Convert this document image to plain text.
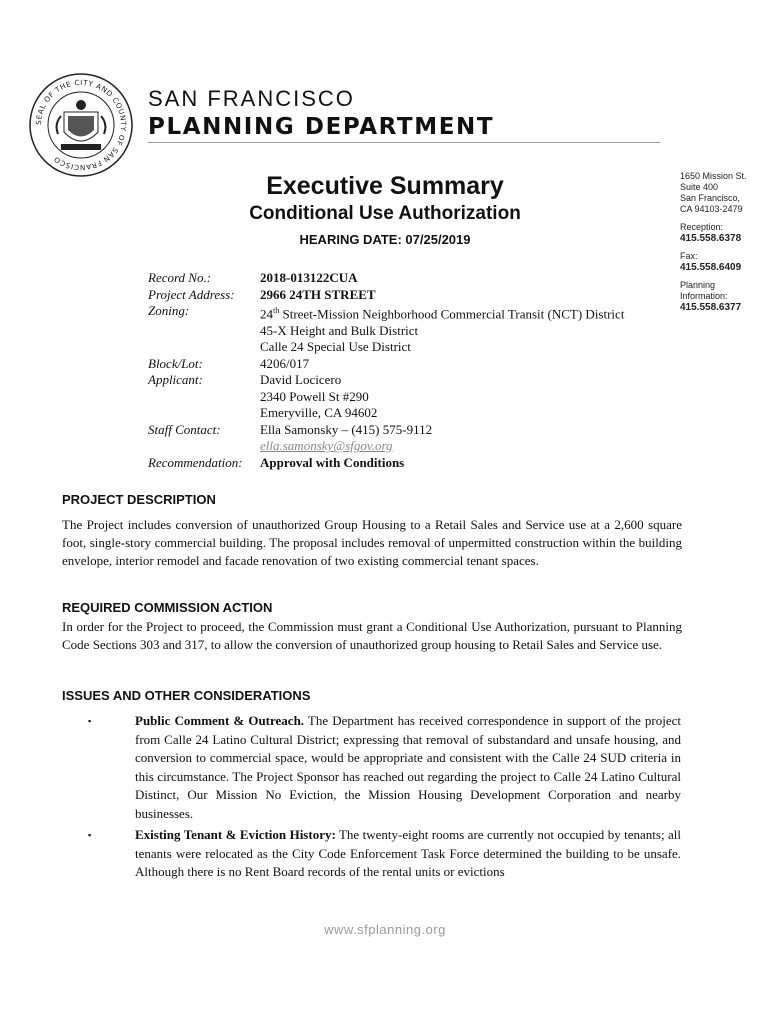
SEAL OF THE CITY AND COUNTY OF SAN FRANCISCO
SAN FRANCISCO
PLANNING DEPARTMENT
Executive Summary
Conditional Use Authorization
HEARING DATE: 07/25/2019
1650 Mission St.
Suite 400
San Francisco,
CA 94103-2479
Reception:
415.558.6378
Fax:
415.558.6409
Planning
Information:
415.558.6377
Record No.:	2018-013122CUA
Project Address:	2966 24TH STREET
Zoning:	24th Street-Mission Neighborhood Commercial Transit (NCT) District
45-X Height and Bulk District
Calle 24 Special Use District
Block/Lot:	4206/017
Applicant:	David Locicero
2340 Powell St #290
Emeryville, CA 94602
Staff Contact:	Ella Samonsky – (415) 575-9112
ella.samonsky@sfgov.org
Recommendation:	Approval with Conditions
PROJECT DESCRIPTION
The Project includes conversion of unauthorized Group Housing to a Retail Sales and Service use at a 2,600 square foot, single-story commercial building. The proposal includes removal of unpermitted construction within the building envelope, interior remodel and facade renovation of two existing commercial tenant spaces.
REQUIRED COMMISSION ACTION
In order for the Project to proceed, the Commission must grant a Conditional Use Authorization, pursuant to Planning Code Sections 303 and 317, to allow the conversion of unauthorized group housing to Retail Sales and Service use.
ISSUES AND OTHER CONSIDERATIONS
▪	Public Comment & Outreach. The Department has received correspondence in support of the project from Calle 24 Latino Cultural District; expressing that removal of substandard and unsafe housing, and conversion to commercial space, would be appropriate and consistent with the Calle 24 SUD criteria in this circumstance. The Project Sponsor has reached out regarding the project to Calle 24 Latino Cultural Distinct, Our Mission No Eviction, the Mission Housing Development Corporation and nearby businesses.
▪	Existing Tenant & Eviction History: The twenty-eight rooms are currently not occupied by tenants; all tenants were relocated as the City Code Enforcement Task Force determined the building to be unsafe. Although there is no Rent Board records of the rental units or evictions
www.sfplanning.org
